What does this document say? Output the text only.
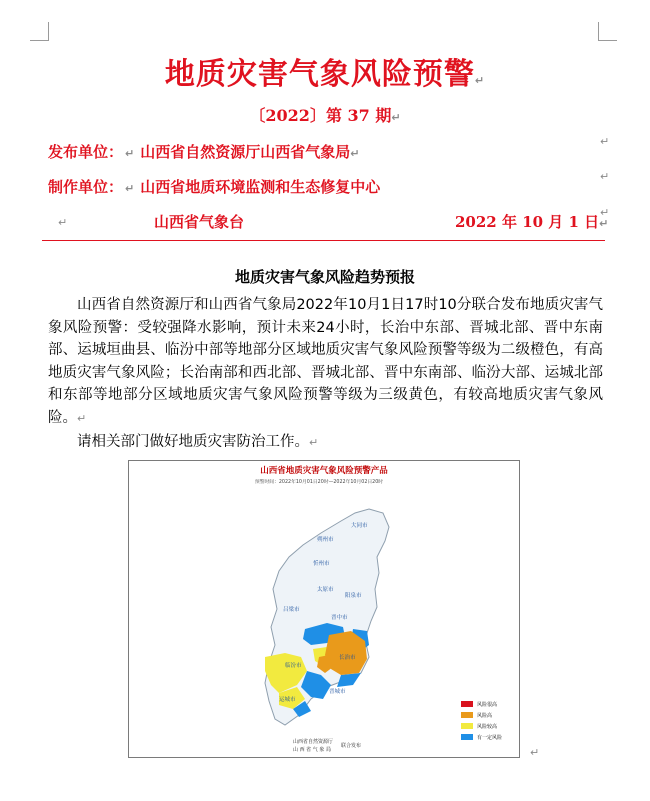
地质灾害气象风险预警↵
〔2022〕第 37 期↵
发布单位： ↵ 山西省自然资源厅山西省气象局↵
↵
制作单位： ↵ 山西省地质环境监测和生态修复中心
↵
↵	山西省气象台	2022 年 10 月 1 日↵
↵
地质灾害气象风险趋势预报

山西省自然资源厅和山西省气象局2022年10月1日17时10分联合发布地质灾害气象风险预警：受较强降水影响，预计未来24小时，长治中东部、晋城北部、晋中东南部、运城垣曲县、临汾中部等地部分区域地质灾害气象风险预警等级为二级橙色，有高地质灾害气象风险；长治南部和西北部、晋城北部、晋中东南部、临汾大部、运城北部和东部等地部分区域地质灾害气象风险预警等级为三级黄色，有较高地质灾害气象风险。↵

请相关部门做好地质灾害防治工作。↵

山西省地质灾害气象风险预警产品
预警时间：2022年10月01日20时—2022年10月02日20时
大同市
朔州市
忻州市
太原市
吕梁市
阳泉市
晋中市
长治市
临汾市
晋城市
运城市
风险很高
风险高
风险较高
有一定风险
山西省自然资源厅
山 西 省 气 象 局
联合发布	↵
